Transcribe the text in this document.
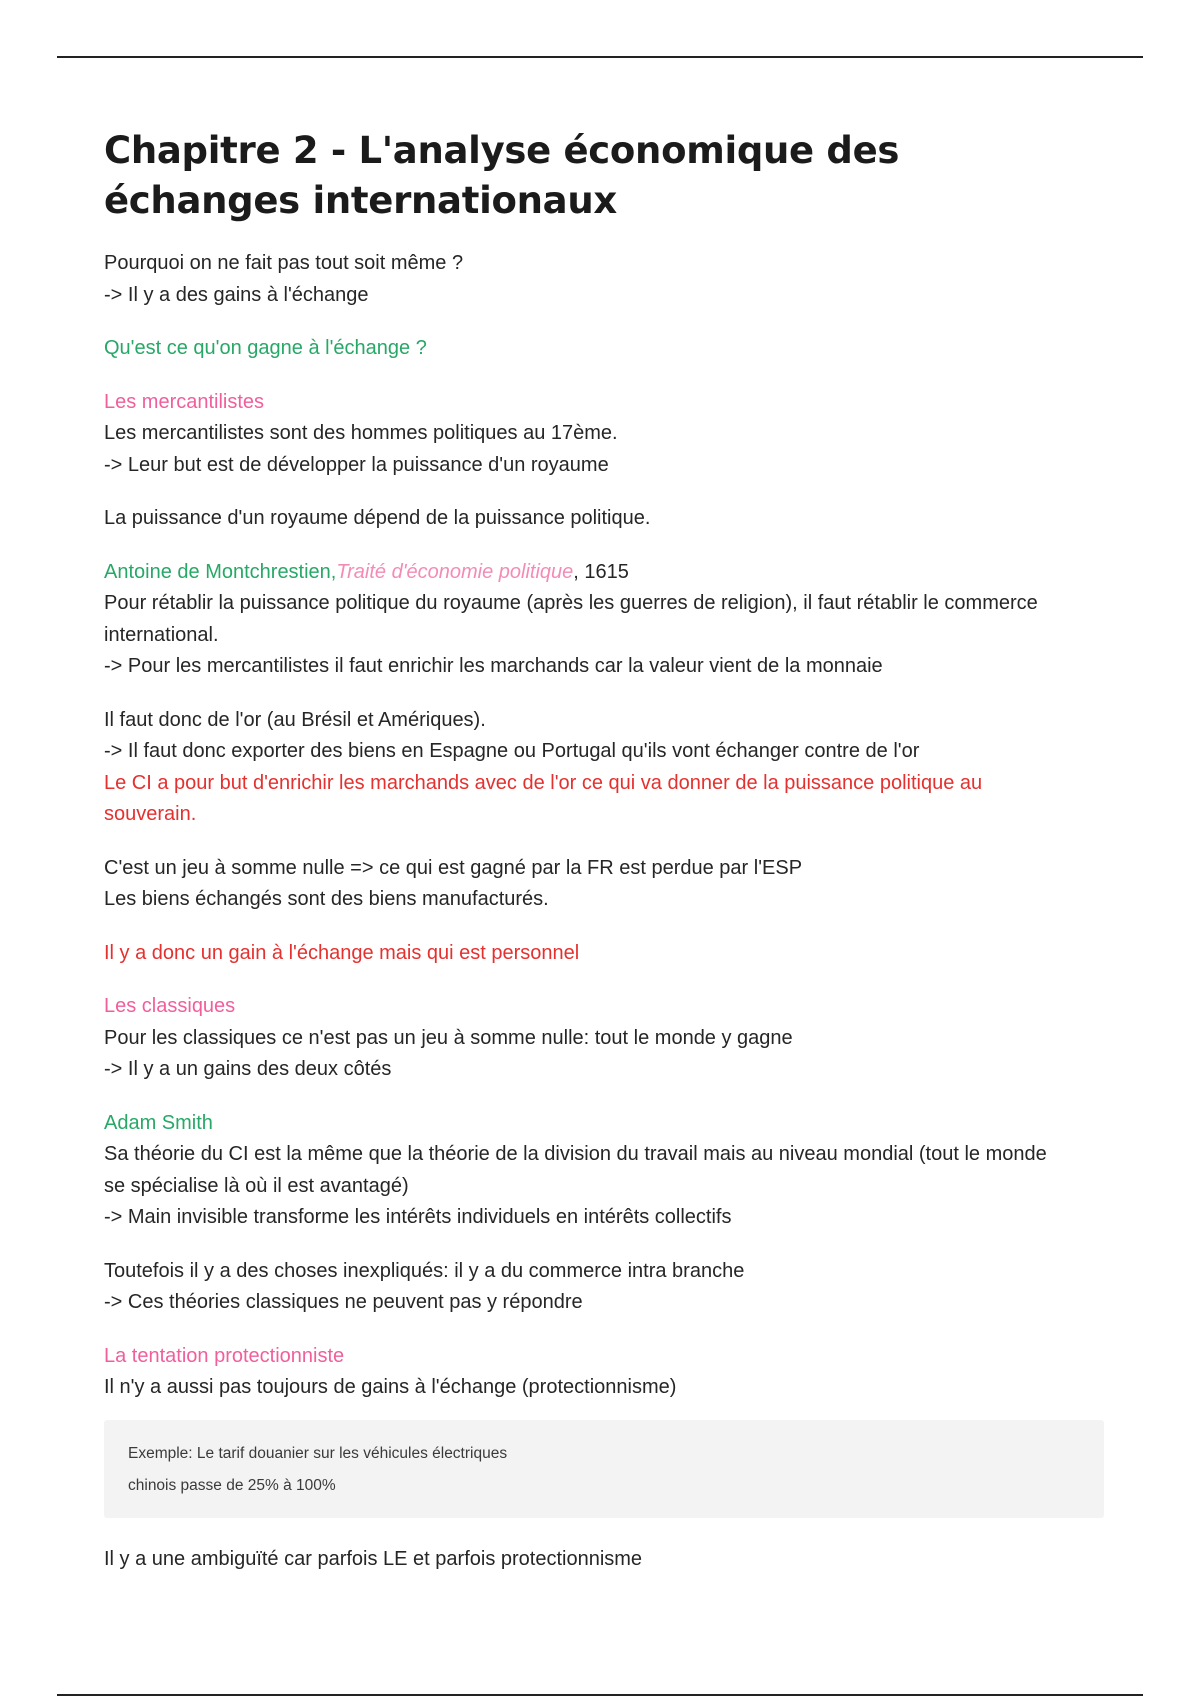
Chapitre 2 - L'analyse économique des échanges internationaux

Pourquoi on ne fait pas tout soit même ?

-> Il y a des gains à l'échange

Qu'est ce qu'on gagne à l'échange ?

Les mercantilistes

Les mercantilistes sont des hommes politiques au 17ème.

-> Leur but est de développer la puissance d'un royaume

La puissance d'un royaume dépend de la puissance politique.

Antoine de Montchrestien,Traité d'économie politique, 1615

Pour rétablir la puissance politique du royaume (après les guerres de religion), il faut rétablir le commerce

international.

-> Pour les mercantilistes il faut enrichir les marchands car la valeur vient de la monnaie

Il faut donc de l'or (au Brésil et Amériques).

-> Il faut donc exporter des biens en Espagne ou Portugal qu'ils vont échanger contre de l'or

Le CI a pour but d'enrichir les marchands avec de l'or ce qui va donner de la puissance politique au

souverain.

C'est un jeu à somme nulle => ce qui est gagné par la FR est perdue par l'ESP

Les biens échangés sont des biens manufacturés.

Il y a donc un gain à l'échange mais qui est personnel

Les classiques

Pour les classiques ce n'est pas un jeu à somme nulle: tout le monde y gagne

-> Il y a un gains des deux côtés

Adam Smith

Sa théorie du CI est la même que la théorie de la division du travail mais au niveau mondial (tout le monde

se spécialise là où il est avantagé)

-> Main invisible transforme les intérêts individuels en intérêts collectifs

Toutefois il y a des choses inexpliqués: il y a du commerce intra branche

-> Ces théories classiques ne peuvent pas y répondre

La tentation protectionniste

Il n'y a aussi pas toujours de gains à l'échange (protectionnisme)

Exemple: Le tarif douanier sur les véhicules électriques

chinois passe de 25% à 100%

Il y a une ambiguïté car parfois LE et parfois protectionnisme
